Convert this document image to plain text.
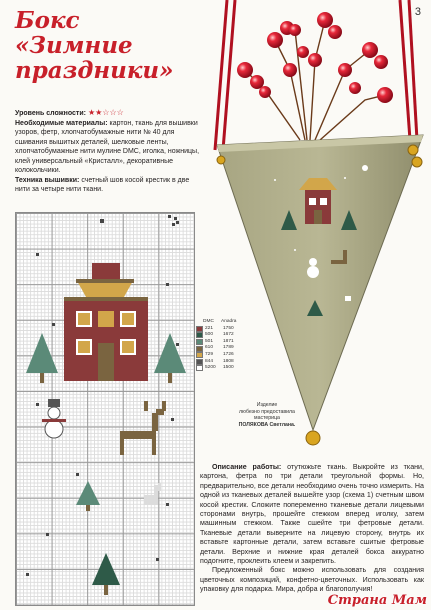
3
Бокс
«Зимние
праздники»
Уровень сложности: ★★☆☆☆
Необходимые материалы: картон, ткань для вышивки узоров, фетр, хлопчатобумажные нити № 40 для сшивания вышитых деталей, шелковые ленты, хлопчатобумажные нити мулине DMC, иголка, ножницы, клей универсальный «Кристалл», декоративные колокольчики.
Техника вышивки: счетный шов косой крестик в две нити за четыре нити ткани.
DMC	Anadra
221	1750
500	1672
501	1871
610	1789
729	1726
844	1808
5200	1500
Изделие
любезно предоставила
мастерица
ПОЛЯКОВА Светлана.

Описание работы: отутюжьте ткань. Выкройте из ткани, картона, фетра по три детали треугольной формы. Но, предварительно, все детали необходимо очень точно измерить. На одной из тканевых деталей вышейте узор (схема 1) счетным швом косой крестик. Сложите попеременно тканевые детали лицевыми сторонами внутрь, прошейте стежком вперед иголку, затем машинным стежком. Также сшейте три фетровые детали. Тканевые детали выверните на лицевую сторону, внутрь их вставьте картонные детали, затем вставьте сшитые фетровые детали. Верхние и нижние края деталей бокса аккуратно подогните, проклеить клеем и закрепить.

Предложенный бокс можно использовать для создания цветочных композиций, конфетно-цветочных. Использовать как упаковку для подарка. Мира, добра и благополучия!

Страна Мам
